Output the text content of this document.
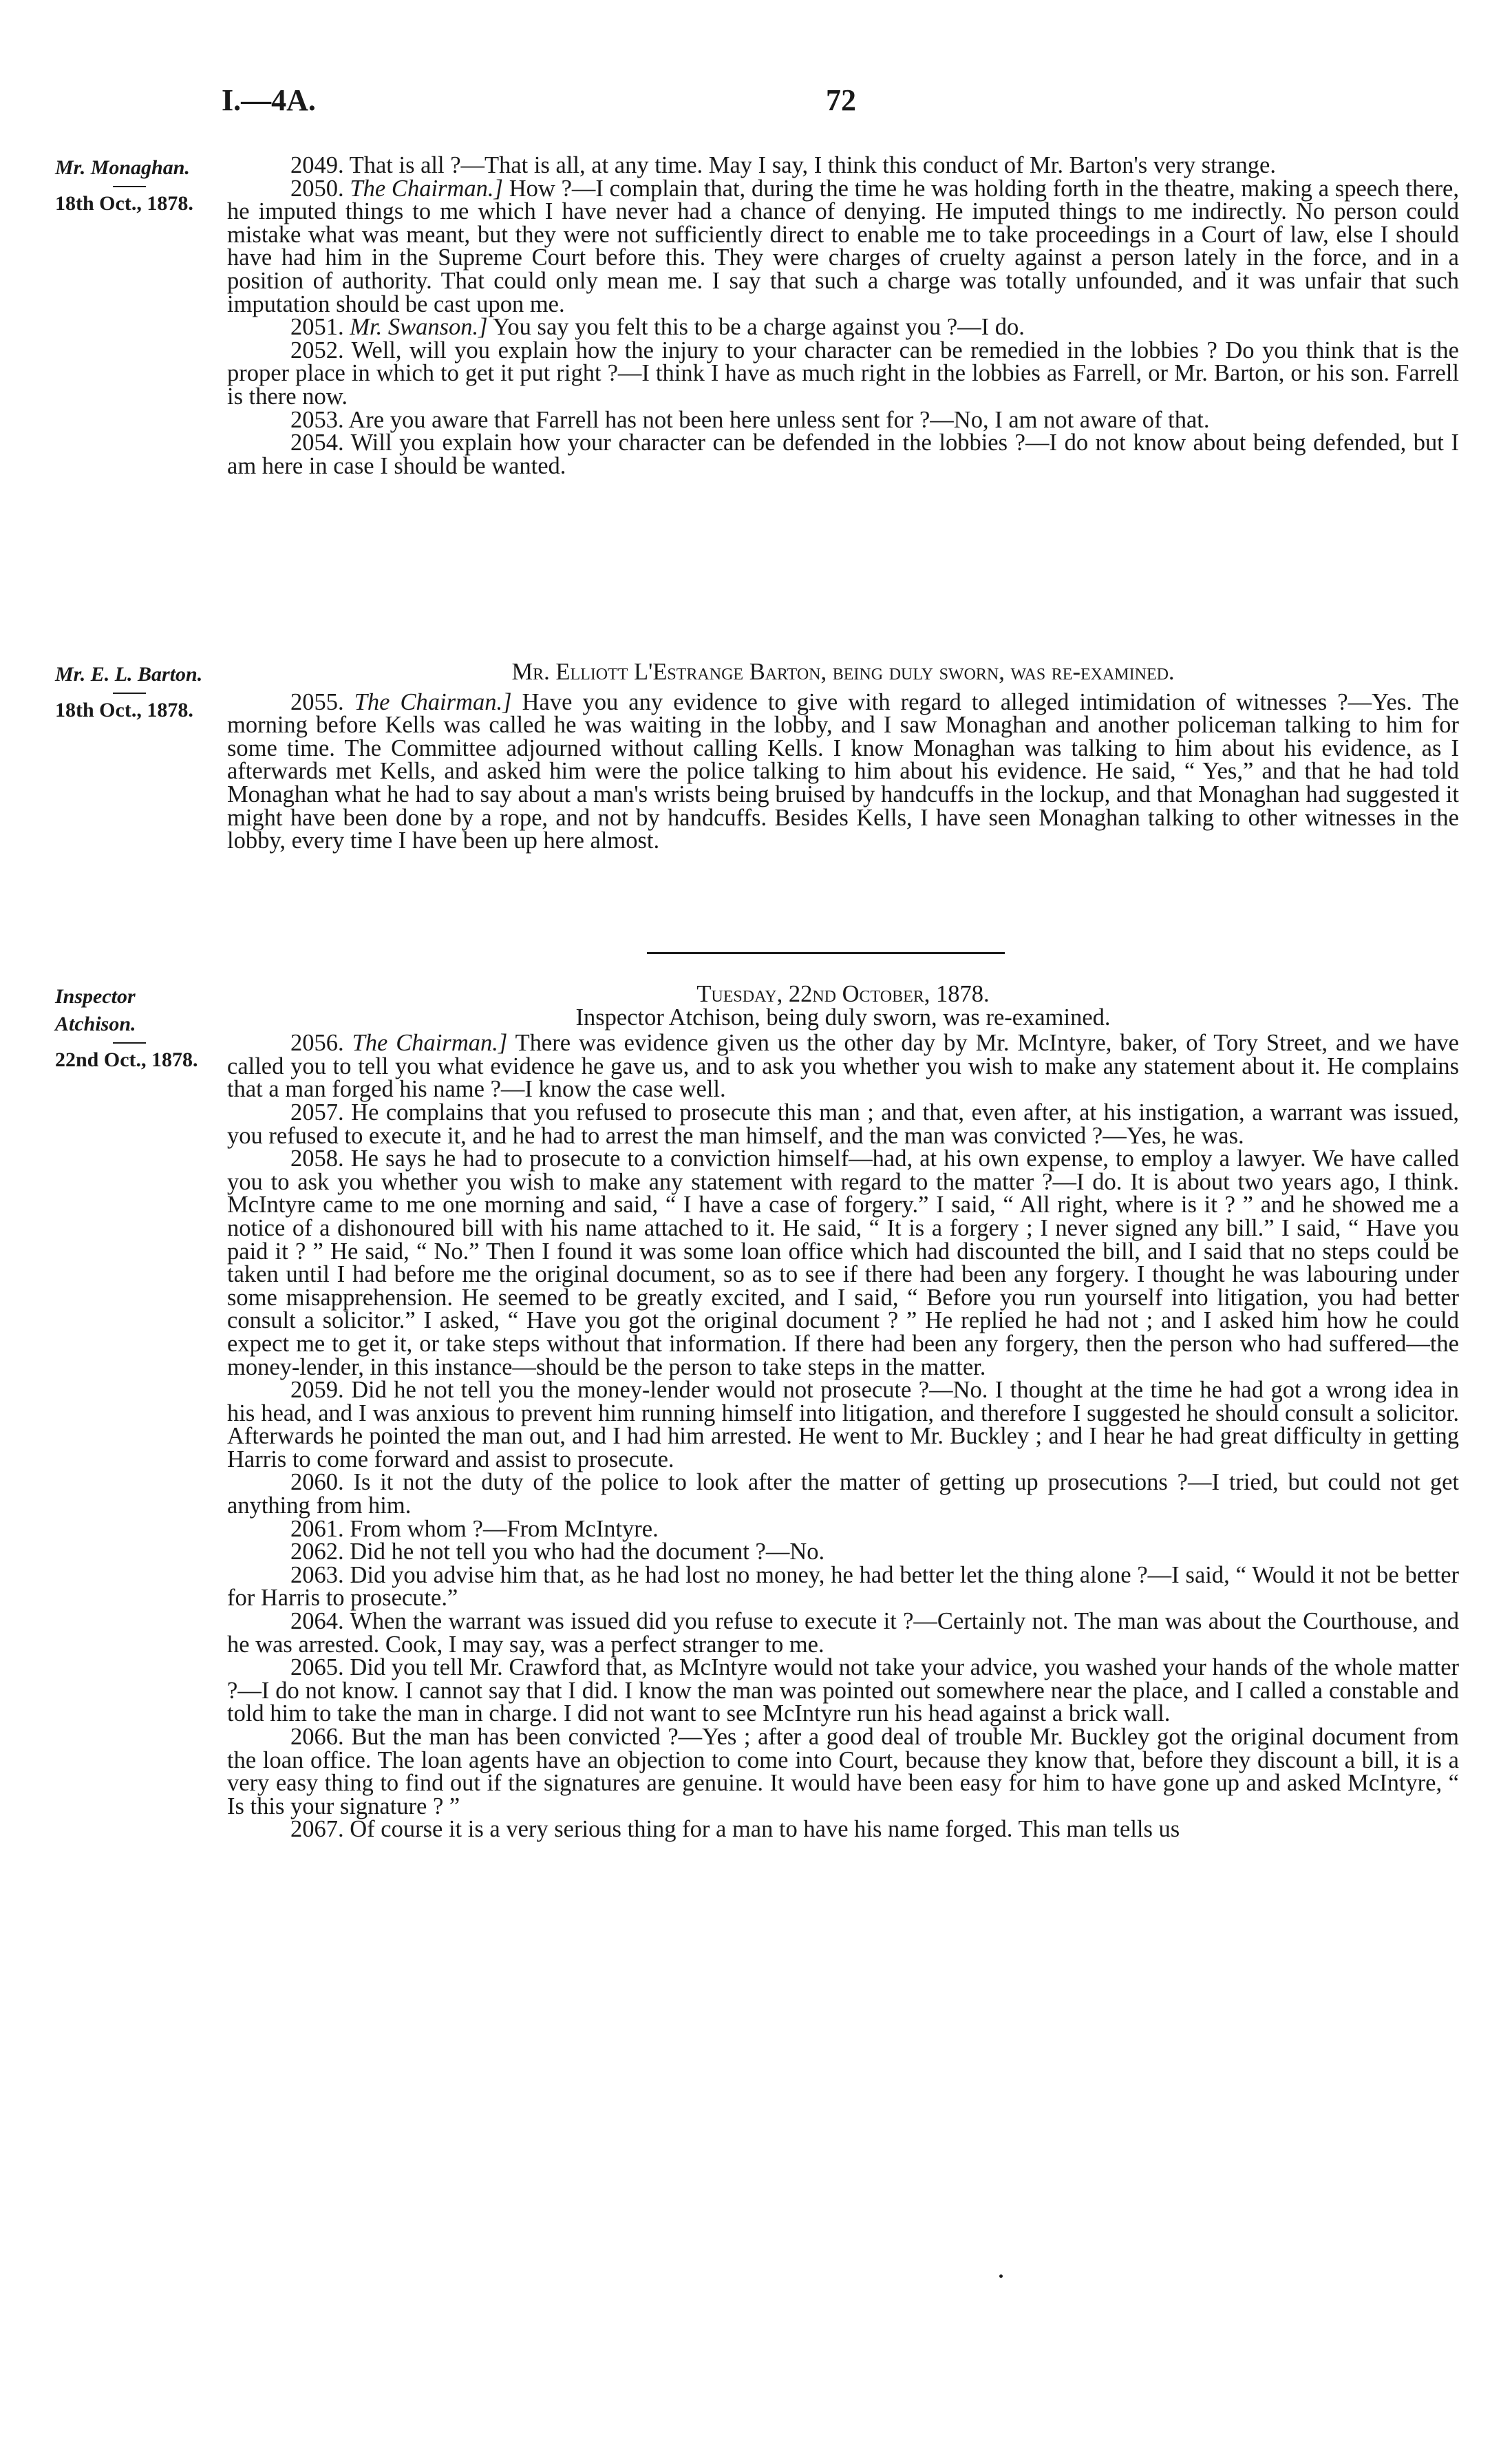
I.—4A.	72
Mr. Monaghan.
18th Oct., 1878.

2049. That is all ?—That is all, at any time. May I say, I think this conduct of Mr. Barton's very strange.

2050. The Chairman.] How ?—I complain that, during the time he was holding forth in the theatre, making a speech there, he imputed things to me which I have never had a chance of denying. He imputed things to me indirectly. No person could mistake what was meant, but they were not sufficiently direct to enable me to take proceedings in a Court of law, else I should have had him in the Supreme Court before this. They were charges of cruelty against a person lately in the force, and in a position of authority. That could only mean me. I say that such a charge was totally unfounded, and it was unfair that such imputation should be cast upon me.

2051. Mr. Swanson.] You say you felt this to be a charge against you ?—I do.

2052. Well, will you explain how the injury to your character can be remedied in the lobbies ? Do you think that is the proper place in which to get it put right ?—I think I have as much right in the lobbies as Farrell, or Mr. Barton, or his son. Farrell is there now.

2053. Are you aware that Farrell has not been here unless sent for ?—No, I am not aware of that.

2054. Will you explain how your character can be defended in the lobbies ?—I do not know about being defended, but I am here in case I should be wanted.

Mr. E. L. Barton.
18th Oct., 1878.

Mr. Elliott L'Estrange Barton, being duly sworn, was re-examined.

2055. The Chairman.] Have you any evidence to give with regard to alleged intimidation of witnesses ?—Yes. The morning before Kells was called he was waiting in the lobby, and I saw Monaghan and another policeman talking to him for some time. The Committee adjourned without calling Kells. I know Monaghan was talking to him about his evidence, as I afterwards met Kells, and asked him were the police talking to him about his evidence. He said, “ Yes,” and that he had told Monaghan what he had to say about a man's wrists being bruised by handcuffs in the lockup, and that Monaghan had suggested it might have been done by a rope, and not by handcuffs. Besides Kells, I have seen Monaghan talking to other witnesses in the lobby, every time I have been up here almost.

Inspector Atchison.
22nd Oct., 1878.

Tuesday, 22nd October, 1878.

Inspector Atchison, being duly sworn, was re-examined.

2056. The Chairman.] There was evidence given us the other day by Mr. McIntyre, baker, of Tory Street, and we have called you to tell you what evidence he gave us, and to ask you whether you wish to make any statement about it. He complains that a man forged his name ?—I know the case well.

2057. He complains that you refused to prosecute this man ; and that, even after, at his instigation, a warrant was issued, you refused to execute it, and he had to arrest the man himself, and the man was convicted ?—Yes, he was.

2058. He says he had to prosecute to a conviction himself—had, at his own expense, to employ a lawyer. We have called you to ask you whether you wish to make any statement with regard to the matter ?—I do. It is about two years ago, I think. McIntyre came to me one morning and said, “ I have a case of forgery.” I said, “ All right, where is it ? ” and he showed me a notice of a dishonoured bill with his name attached to it. He said, “ It is a forgery ; I never signed any bill.” I said, “ Have you paid it ? ” He said, “ No.” Then I found it was some loan office which had discounted the bill, and I said that no steps could be taken until I had before me the original document, so as to see if there had been any forgery. I thought he was labouring under some misapprehension. He seemed to be greatly excited, and I said, “ Before you run yourself into litigation, you had better consult a solicitor.” I asked, “ Have you got the original document ? ” He replied he had not ; and I asked him how he could expect me to get it, or take steps without that information. If there had been any forgery, then the person who had suffered—the money-lender, in this instance—should be the person to take steps in the matter.

2059. Did he not tell you the money-lender would not prosecute ?—No. I thought at the time he had got a wrong idea in his head, and I was anxious to prevent him running himself into litigation, and therefore I suggested he should consult a solicitor. Afterwards he pointed the man out, and I had him arrested. He went to Mr. Buckley ; and I hear he had great difficulty in getting Harris to come forward and assist to prosecute.

2060. Is it not the duty of the police to look after the matter of getting up prosecutions ?—I tried, but could not get anything from him.

2061. From whom ?—From McIntyre.

2062. Did he not tell you who had the document ?—No.

2063. Did you advise him that, as he had lost no money, he had better let the thing alone ?—I said, “ Would it not be better for Harris to prosecute.”

2064. When the warrant was issued did you refuse to execute it ?—Certainly not. The man was about the Courthouse, and he was arrested. Cook, I may say, was a perfect stranger to me.

2065. Did you tell Mr. Crawford that, as McIntyre would not take your advice, you washed your hands of the whole matter ?—I do not know. I cannot say that I did. I know the man was pointed out somewhere near the place, and I called a constable and told him to take the man in charge. I did not want to see McIntyre run his head against a brick wall.

2066. But the man has been convicted ?—Yes ; after a good deal of trouble Mr. Buckley got the original document from the loan office. The loan agents have an objection to come into Court, because they know that, before they discount a bill, it is a very easy thing to find out if the signatures are genuine. It would have been easy for him to have gone up and asked McIntyre, “ Is this your signature ? ”

2067. Of course it is a very serious thing for a man to have his name forged. This man tells us
